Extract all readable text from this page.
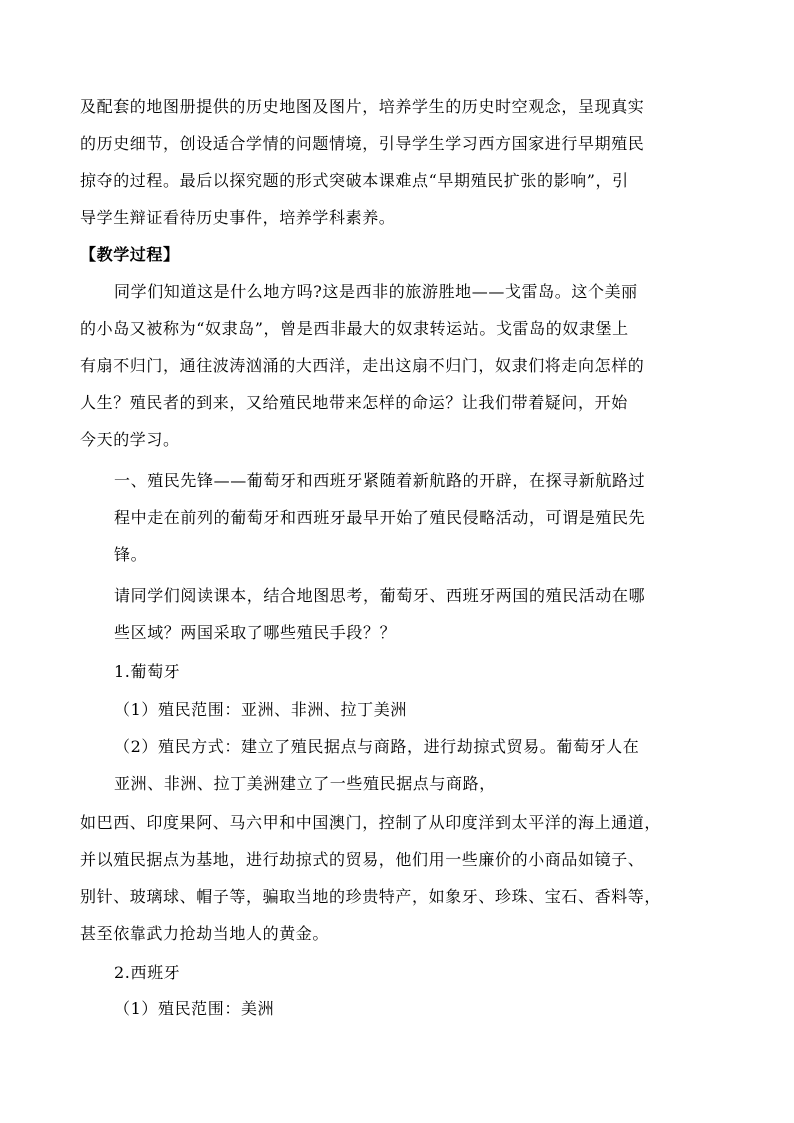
及配套的地图册提供的历史地图及图片，培养学生的历史时空观念，呈现真实
的历史细节，创设适合学情的问题情境，引导学生学习西方国家进行早期殖民
掠夺的过程。最后以探究题的形式突破本课难点“早期殖民扩张的影响”，引
导学生辩证看待历史事件，培养学科素养。
【教学过程】
同学们知道这是什么地方吗?这是西非的旅游胜地——戈雷岛。这个美丽
的小岛又被称为“奴隶岛”，曾是西非最大的奴隶转运站。戈雷岛的奴隶堡上
有扇不归门，通往波涛汹涌的大西洋，走出这扇不归门，奴隶们将走向怎样的
人生？殖民者的到来，又给殖民地带来怎样的命运？让我们带着疑问，开始
今天的学习。
一、殖民先锋——葡萄牙和西班牙紧随着新航路的开辟，在探寻新航路过
程中走在前列的葡萄牙和西班牙最早开始了殖民侵略活动，可谓是殖民先
锋。
请同学们阅读课本，结合地图思考，葡萄牙、西班牙两国的殖民活动在哪
些区域？两国采取了哪些殖民手段？？
1.葡萄牙
（1）殖民范围：亚洲、非洲、拉丁美洲
（2）殖民方式：建立了殖民据点与商路，进行劫掠式贸易。葡萄牙人在
亚洲、非洲、拉丁美洲建立了一些殖民据点与商路，
如巴西、印度果阿、马六甲和中国澳门，控制了从印度洋到太平洋的海上通道，
并以殖民据点为基地，进行劫掠式的贸易，他们用一些廉价的小商品如镜子、
别针、玻璃球、帽子等，骗取当地的珍贵特产，如象牙、珍珠、宝石、香料等，
甚至依靠武力抢劫当地人的黄金。
2.西班牙
（1）殖民范围：美洲
